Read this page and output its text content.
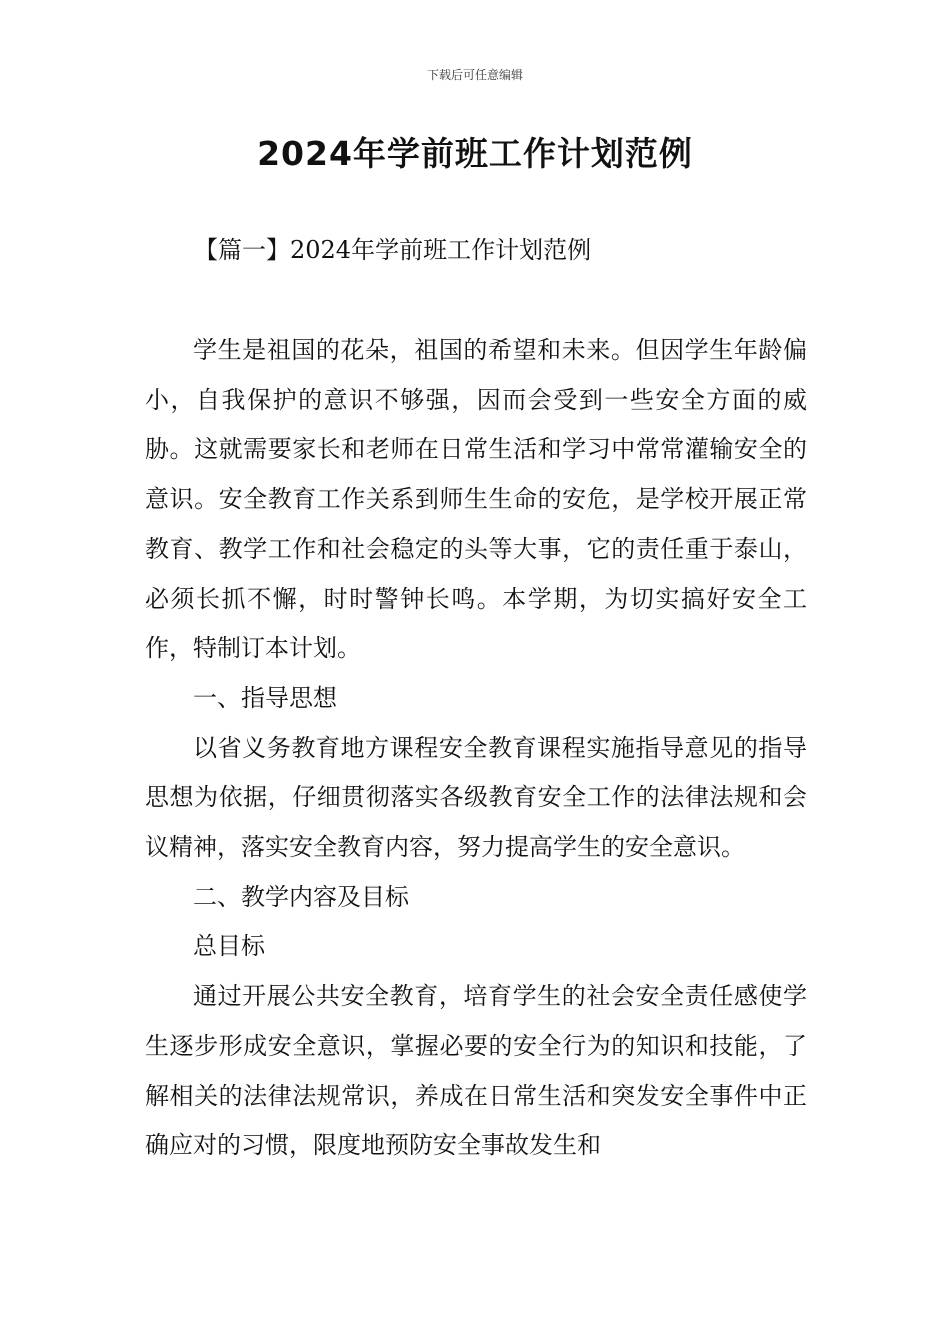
下载后可任意编辑
2024年学前班工作计划范例
【篇一】2024年学前班工作计划范例

学生是祖国的花朵，祖国的希望和未来。但因学生年龄偏小，自我保护的意识不够强，因而会受到一些安全方面的威胁。这就需要家长和老师在日常生活和学习中常常灌输安全的意识。安全教育工作关系到师生生命的安危，是学校开展正常教育、教学工作和社会稳定的头等大事，它的责任重于泰山，必须长抓不懈，时时警钟长鸣。本学期，为切实搞好安全工作，特制订本计划。

一、指导思想

以省义务教育地方课程安全教育课程实施指导意见的指导思想为依据，仔细贯彻落实各级教育安全工作的法律法规和会议精神，落实安全教育内容，努力提高学生的安全意识。

二、教学内容及目标

总目标

通过开展公共安全教育，培育学生的社会安全责任感使学生逐步形成安全意识，掌握必要的安全行为的知识和技能，了解相关的法律法规常识，养成在日常生活和突发安全事件中正确应对的习惯，限度地预防安全事故发生和
